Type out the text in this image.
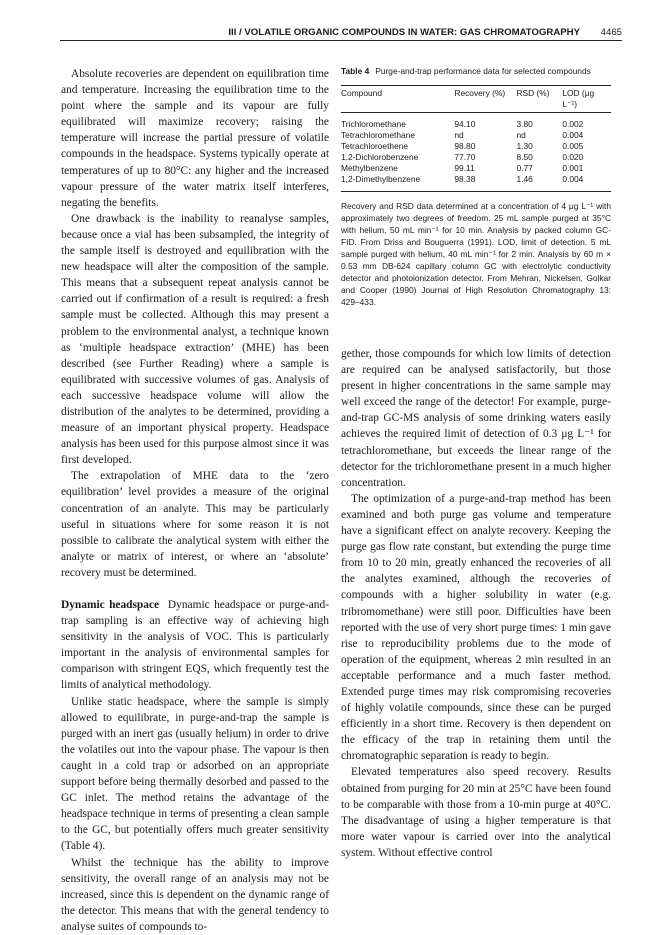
III / VOLATILE ORGANIC COMPOUNDS IN WATER: GAS CHROMATOGRAPHY 4465

Absolute recoveries are dependent on equilibration time and temperature. Increasing the equilibration time to the point where the sample and its vapour are fully equilibrated will maximize recovery; raising the temperature will increase the partial pressure of volatile compounds in the headspace. Systems typically operate at temperatures of up to 80°C: any higher and the increased vapour pressure of the water matrix itself interferes, negating the benefits.

One drawback is the inability to reanalyse samples, because once a vial has been subsampled, the integrity of the sample itself is destroyed and equilibration with the new headspace will alter the composition of the sample. This means that a subsequent repeat analysis cannot be carried out if confirmation of a result is required: a fresh sample must be collected. Although this may present a problem to the environmental analyst, a technique known as ‘multiple headspace extraction’ (MHE) has been described (see Further Reading) where a sample is equilibrated with successive volumes of gas. Analysis of each successive headspace volume will allow the distribution of the analytes to be determined, providing a measure of an important physical property. Headspace analysis has been used for this purpose almost since it was first developed.

The extrapolation of MHE data to the ‘zero equilibration’ level provides a measure of the original concentration of an analyte. This may be particularly useful in situations where for some reason it is not possible to calibrate the analytical system with either the analyte or matrix of interest, or where an ‘absolute’ recovery must be determined.

Dynamic headspace Dynamic headspace or purge-and-trap sampling is an effective way of achieving high sensitivity in the analysis of VOC. This is particularly important in the analysis of environmental samples for comparison with stringent EQS, which frequently test the limits of analytical methodology.

Unlike static headspace, where the sample is simply allowed to equilibrate, in purge-and-trap the sample is purged with an inert gas (usually helium) in order to drive the volatiles out into the vapour phase. The vapour is then caught in a cold trap or adsorbed on an appropriate support before being thermally desorbed and passed to the GC inlet. The method retains the advantage of the headspace technique in terms of presenting a clean sample to the GC, but potentially offers much greater sensitivity (Table 4).

Whilst the technique has the ability to improve sensitivity, the overall range of an analysis may not be increased, since this is dependent on the dynamic range of the detector. This means that with the general tendency to analyse suites of compounds to-

Table 4 Purge-and-trap performance data for selected compounds
Compound	Recovery (%)	RSD (%)	LOD (μg L⁻¹)
Trichloromethane	94.10	3.80	0.002
Tetrachloromethane	nd	nd	0.004
Tetrachloroethene	98.80	1.30	0.005
1,2-Dichlorobenzene	77.70	8.50	0.020
Methylbenzene	99.11	0.77	0.001
1,2-Dimethylbenzene	98.38	1.46	0.004
Recovery and RSD data determined at a concentration of 4 μg L⁻¹ with approximately two degrees of freedom. 25 mL sample purged at 35°C with helium, 50 mL min⁻¹ for 10 min. Analysis by packed column GC-FID. From Driss and Bouguerra (1991). LOD, limit of detection. 5 mL sample purged with helium, 40 mL min⁻¹ for 2 min. Analysis by 60 m × 0.53 mm DB-624 capillary column GC with electrolytic conductivity detector and photoionization detector. From Mehran, Nickelsen, Golkar and Cooper (1990) Journal of High Resolution Chromatography 13: 429–433.

gether, those compounds for which low limits of detection are required can be analysed satisfactorily, but those present in higher concentrations in the same sample may well exceed the range of the detector! For example, purge-and-trap GC-MS analysis of some drinking waters easily achieves the required limit of detection of 0.3 μg L⁻¹ for tetrachloromethane, but exceeds the linear range of the detector for the trichloromethane present in a much higher concentration.

The optimization of a purge-and-trap method has been examined and both purge gas volume and temperature have a significant effect on analyte recovery. Keeping the purge gas flow rate constant, but extending the purge time from 10 to 20 min, greatly enhanced the recoveries of all the analytes examined, although the recoveries of compounds with a higher solubility in water (e.g. tribromomethane) were still poor. Difficulties have been reported with the use of very short purge times: 1 min gave rise to reproducibility problems due to the mode of operation of the equipment, whereas 2 min resulted in an acceptable performance and a much faster method. Extended purge times may risk compromising recoveries of highly volatile compounds, since these can be purged efficiently in a short time. Recovery is then dependent on the efficacy of the trap in retaining them until the chromatographic separation is ready to begin.

Elevated temperatures also speed recovery. Results obtained from purging for 20 min at 25°C have been found to be comparable with those from a 10-min purge at 40°C. The disadvantage of using a higher temperature is that more water vapour is carried over into the analytical system. Without effective control
